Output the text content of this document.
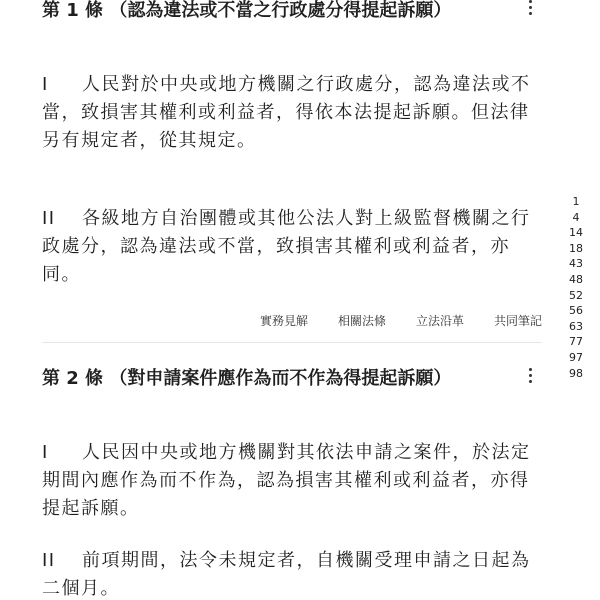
第 1 條 （認為違法或不當之行政處分得提起訴願）

I 人民對於中央或地方機關之行政處分，認為違法或不當，致損害其權利或利益者，得依本法提起訴願。但法律另有規定者，從其規定。

II 各級地方自治團體或其他公法人對上級監督機關之行政處分，認為違法或不當，致損害其權利或利益者，亦同。

實務見解	相關法條	立法沿革	共同筆記
第 2 條 （對申請案件應作為而不作為得提起訴願）

I 人民因中央或地方機關對其依法申請之案件，於法定期間內應作為而不作為，認為損害其權利或利益者，亦得提起訴願。

II 前項期間，法令未規定者，自機關受理申請之日起為二個月。

1
4
14
18
43
48
52
56
63
77
97
98
